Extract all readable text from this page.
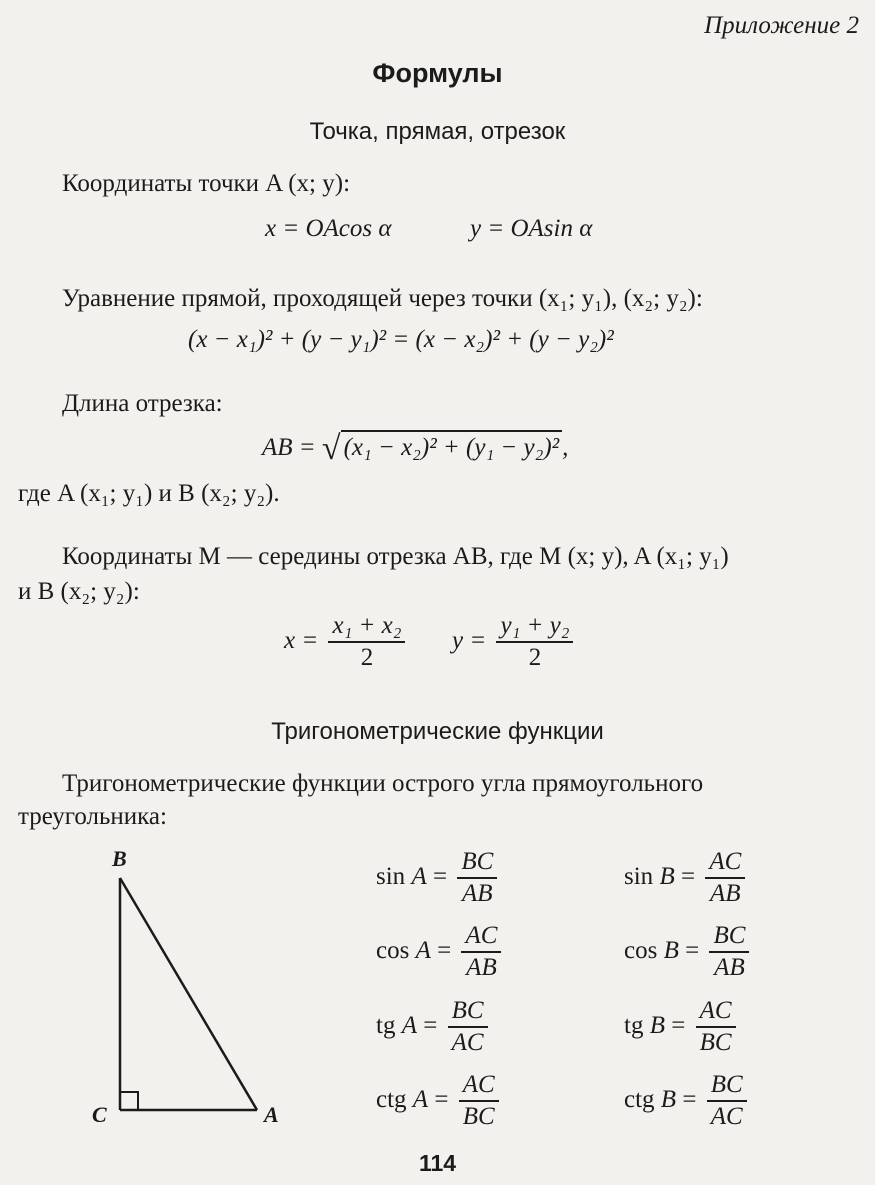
Приложение 2
Формулы
Точка, прямая, отрезок
Координаты точки A (x; y):
x = OAcos α	y = OAsin α
Уравнение прямой, проходящей через точки (x₁; y₁), (x₂; y₂):
(x − x₁)² + (y − y₁)² = (x − x₂)² + (y − y₂)²
Длина отрезка:
AB = √ (x₁ − x₂)² + (y₁ − y₂)² ,
где A (x₁; y₁) и B (x₂; y₂).
Координаты M — середины отрезка AB, где M (x; y), A (x₁; y₁)
и B (x₂; y₂):
$x = \frac{\text{x₁ + x₂}}{2}$ $y = \frac{\text{y₁ + y₂}}{2}$
Тригонометрические функции
Тригонометрические функции острого угла прямоугольного
треугольника:
B
C	A
$\sin A = \frac{BC}{AB}$	$\sin B = \frac{AC}{AB}$
$\cos A = \frac{AC}{AB}$	$\cos B = \frac{BC}{AB}$
tg $A = \frac{BC}{AC}$	tg $B = \frac{AC}{BC}$
ctg $A = \frac{AC}{BC}$	ctg $B = \frac{BC}{AC}$
114
